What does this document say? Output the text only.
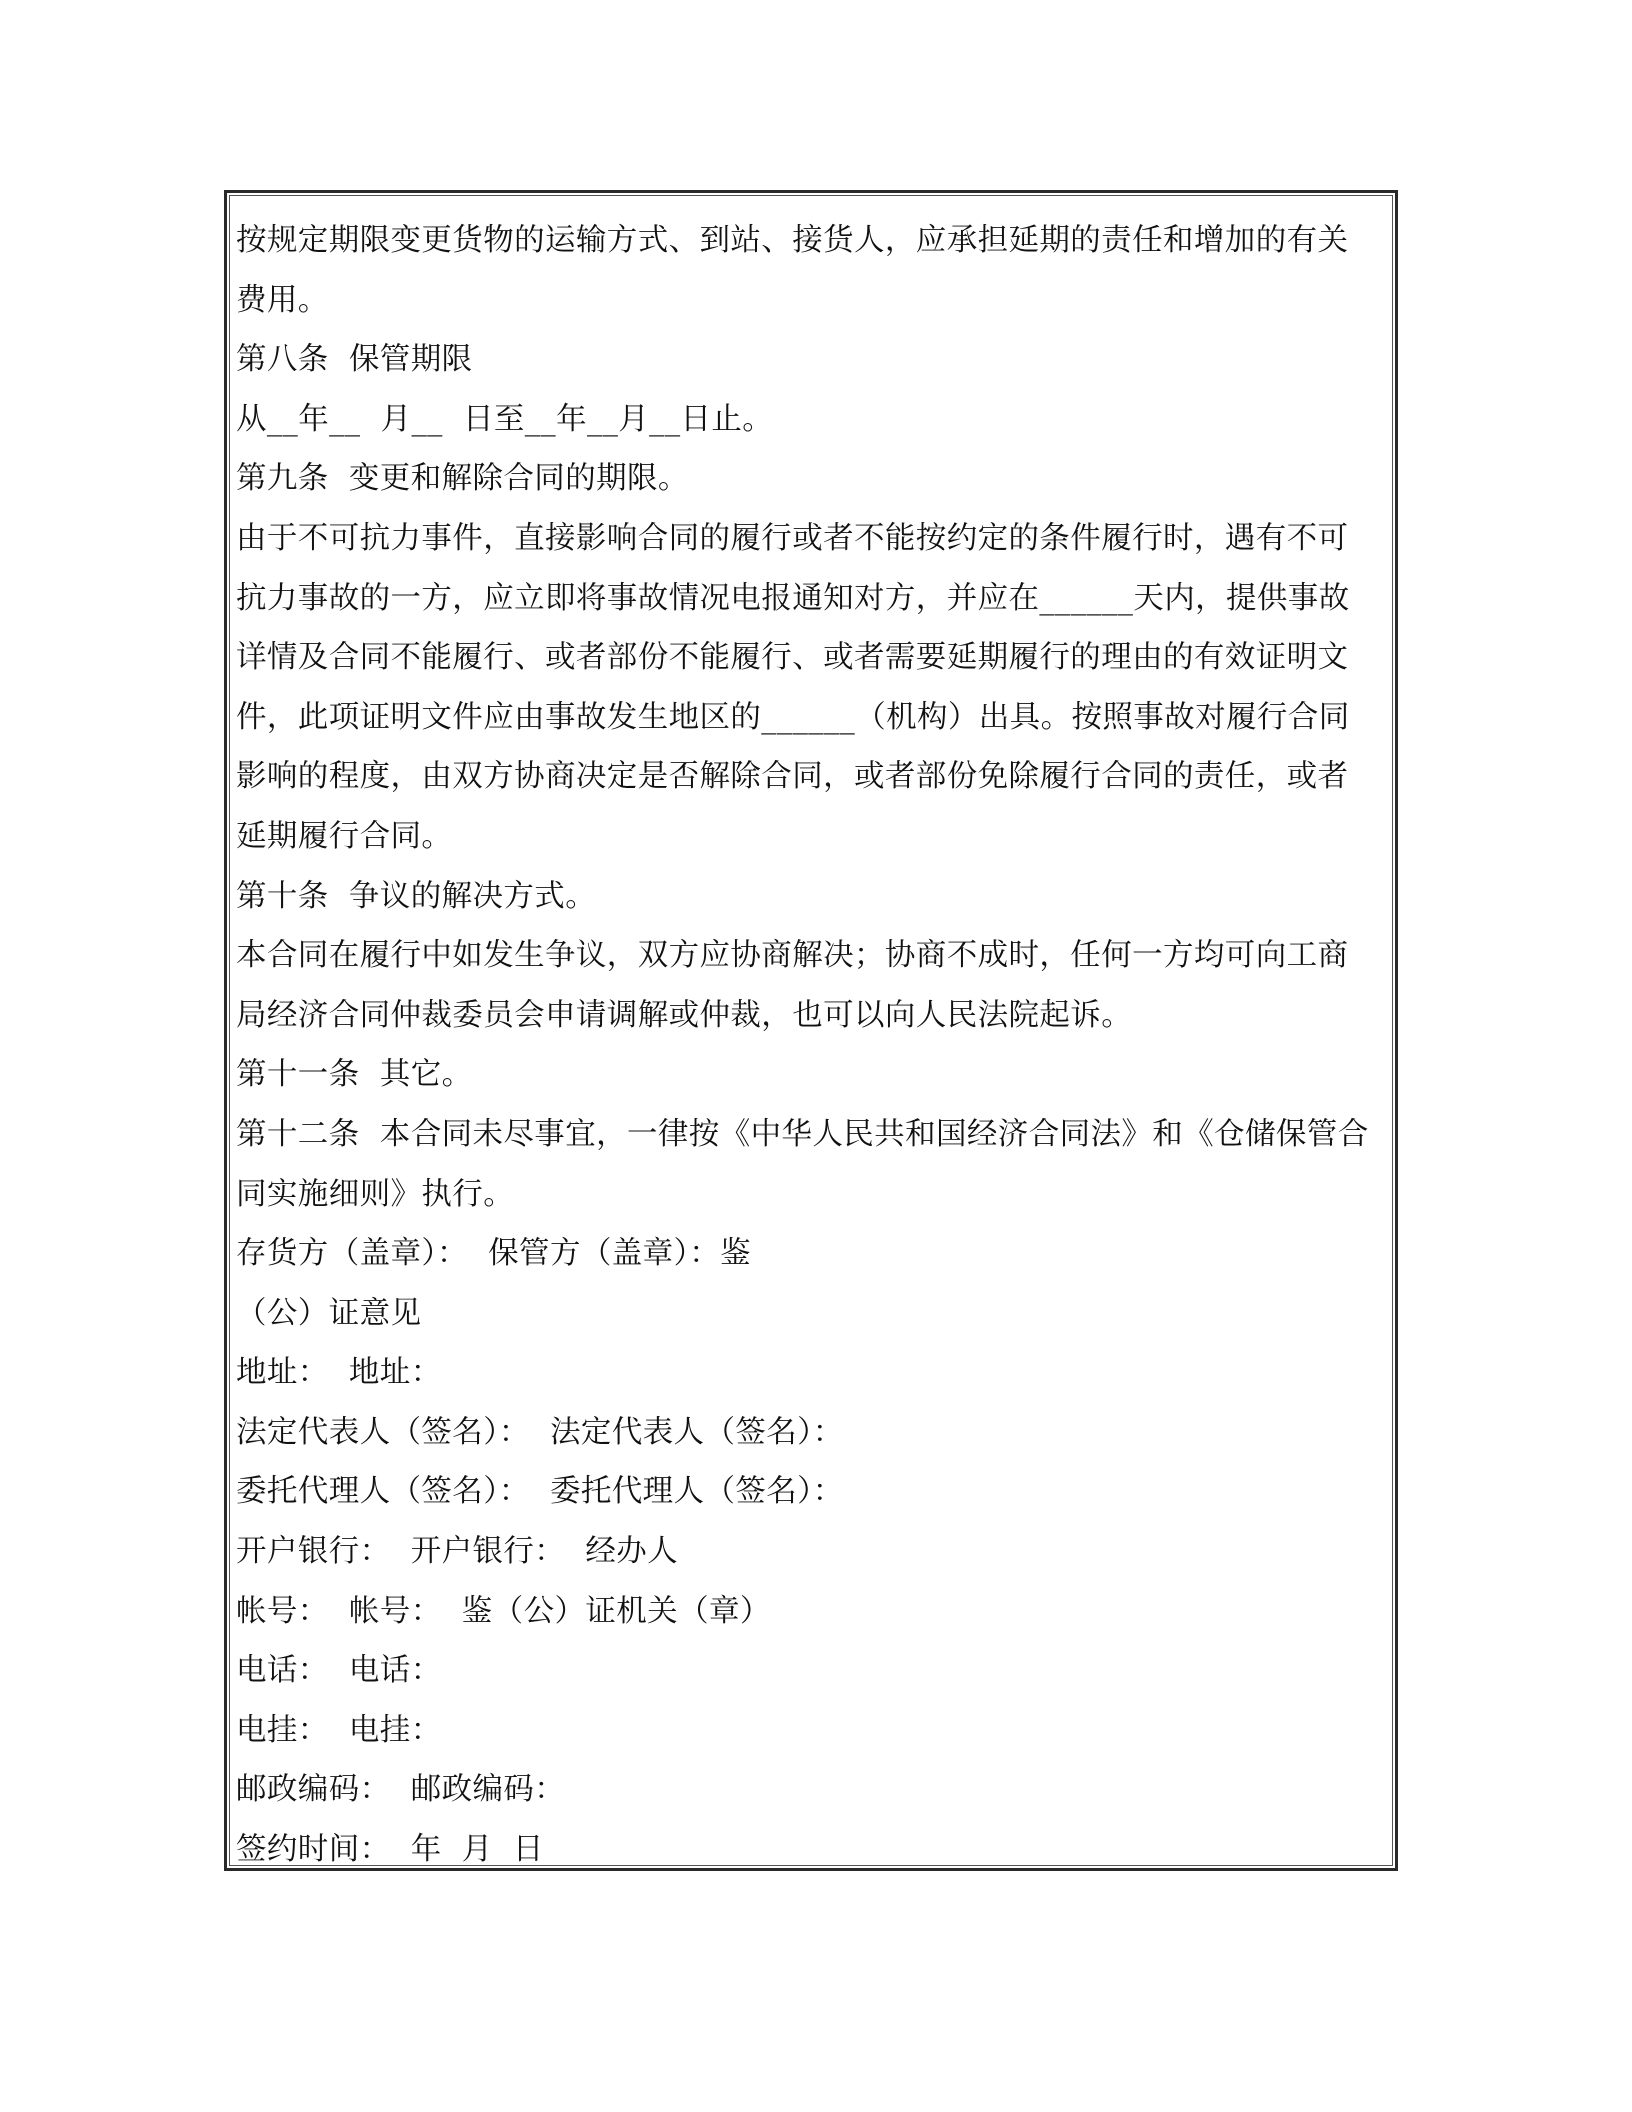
按规定期限变更货物的运输方式、到站、接货人，应承担延期的责任和增加的有关
费用。
第八条  保管期限
从__年__  月__  日至__年__月__日止。
第九条  变更和解除合同的期限。
由于不可抗力事件，直接影响合同的履行或者不能按约定的条件履行时，遇有不可
抗力事故的一方，应立即将事故情况电报通知对方，并应在______天内，提供事故
详情及合同不能履行、或者部份不能履行、或者需要延期履行的理由的有效证明文
件，此项证明文件应由事故发生地区的______（机构）出具。按照事故对履行合同
影响的程度，由双方协商决定是否解除合同，或者部份免除履行合同的责任，或者
延期履行合同。
第十条  争议的解决方式。
本合同在履行中如发生争议，双方应协商解决；协商不成时，任何一方均可向工商
局经济合同仲裁委员会申请调解或仲裁，也可以向人民法院起诉。
第十一条  其它。
第十二条  本合同未尽事宜，一律按《中华人民共和国经济合同法》和《仓储保管合
同实施细则》执行。
存货方（盖章）：  保管方（盖章）：鉴
（公）证意见
地址：  地址：
法定代表人（签名）：  法定代表人（签名）：
委托代理人（签名）：  委托代理人（签名）：
开户银行：  开户银行：  经办人
帐号：  帐号：  鉴（公）证机关（章）
电话：  电话：
电挂：  电挂：
邮政编码：  邮政编码：
签约时间：  年  月  日
